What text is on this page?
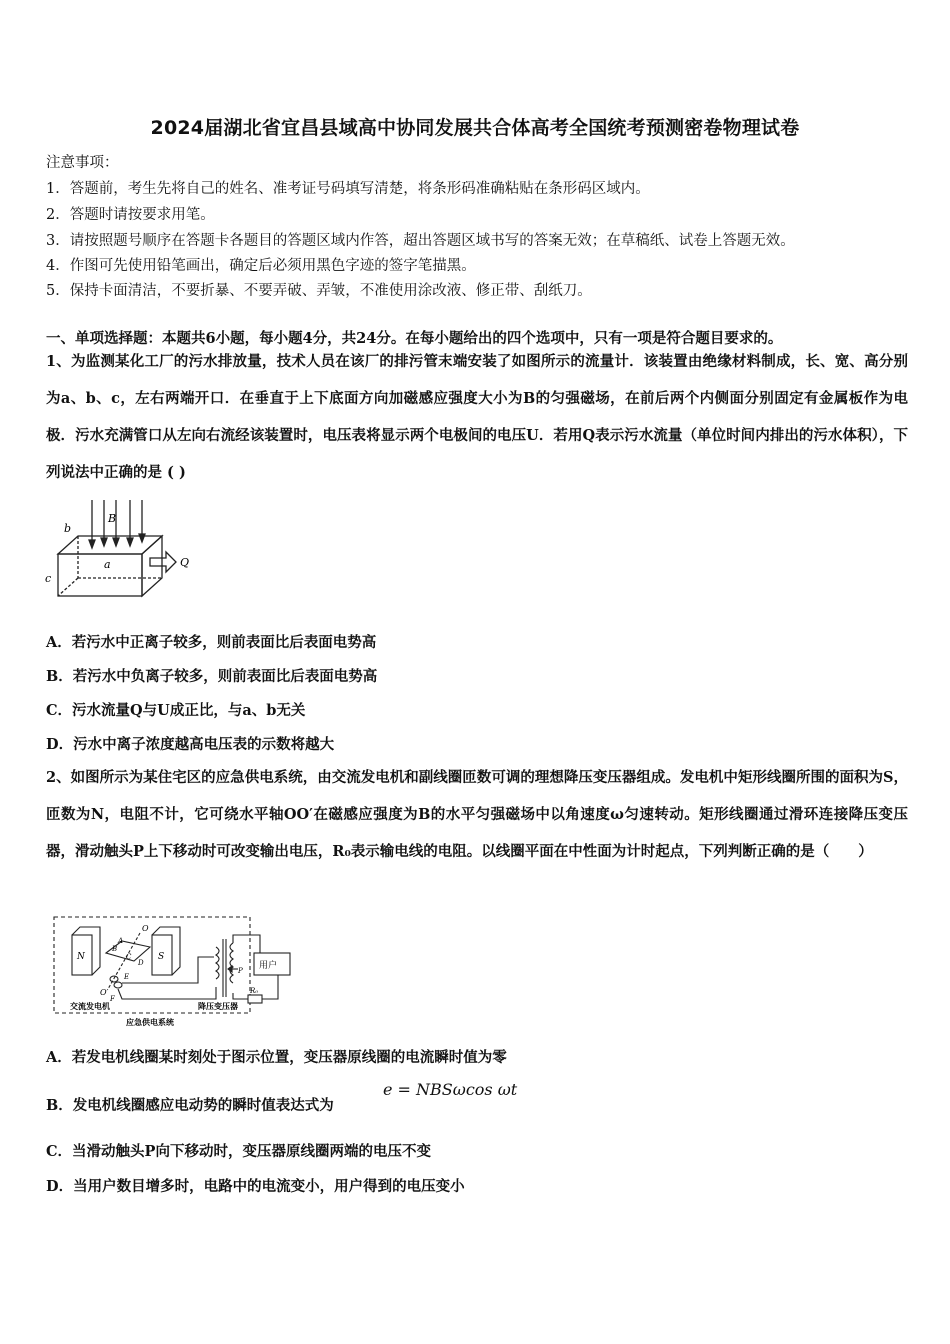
2024届湖北省宜昌县域高中协同发展共合体高考全国统考预测密卷物理试卷
注意事项：
1．答题前，考生先将自己的姓名、准考证号码填写清楚，将条形码准确粘贴在条形码区域内。
2．答题时请按要求用笔。
3．请按照题号顺序在答题卡各题目的答题区域内作答，超出答题区域书写的答案无效；在草稿纸、试卷上答题无效。
4．作图可先使用铅笔画出，确定后必须用黑色字迹的签字笔描黑。
5．保持卡面清洁，不要折暴、不要弄破、弄皱，不准使用涂改液、修正带、刮纸刀。
一、单项选择题：本题共6小题，每小题4分，共24分。在每小题给出的四个选项中，只有一项是符合题目要求的。
1、为监测某化工厂的污水排放量，技术人员在该厂的排污管末端安装了如图所示的流量计．该装置由绝缘材料制成，长、宽、高分别为a、b、c，左右两端开口．在垂直于上下底面方向加磁感应强度大小为B的匀强磁场，在前后两个内侧面分别固定有金属板作为电极．污水充满管口从左向右流经该装置时，电压表将显示两个电极间的电压U．若用Q表示污水流量（单位时间内排出的污水体积），下列说法中正确的是 ( )
b
B
a
c
Q
A．若污水中正离子较多，则前表面比后表面电势高
B．若污水中负离子较多，则前表面比后表面电势高
C．污水流量Q与U成正比，与a、b无关
D．污水中离子浓度越高电压表的示数将越大
2、如图所示为某住宅区的应急供电系统，由交流发电机和副线圈匝数可调的理想降压变压器组成。发电机中矩形线圈所围的面积为S，匝数为N，电阻不计，它可绕水平轴OO′在磁感应强度为B的水平匀强磁场中以角速度ω匀速转动。矩形线圈通过滑环连接降压变压器，滑动触头P上下移动时可改变输出电压，R₀表示输电线的电阻。以线圈平面在中性面为计时起点，下列判断正确的是（　　）
N	S
O
O′
A
B
C
D
E
F
P 用户
R₀
交流发电机	降压变压器
应急供电系统
A．若发电机线圈某时刻处于图示位置，变压器原线圈的电流瞬时值为零
B．发电机线圈感应电动势的瞬时值表达式为
e = NBSωcos ωt
C．当滑动触头P向下移动时，变压器原线圈两端的电压不变
D．当用户数目增多时，电路中的电流变小，用户得到的电压变小
